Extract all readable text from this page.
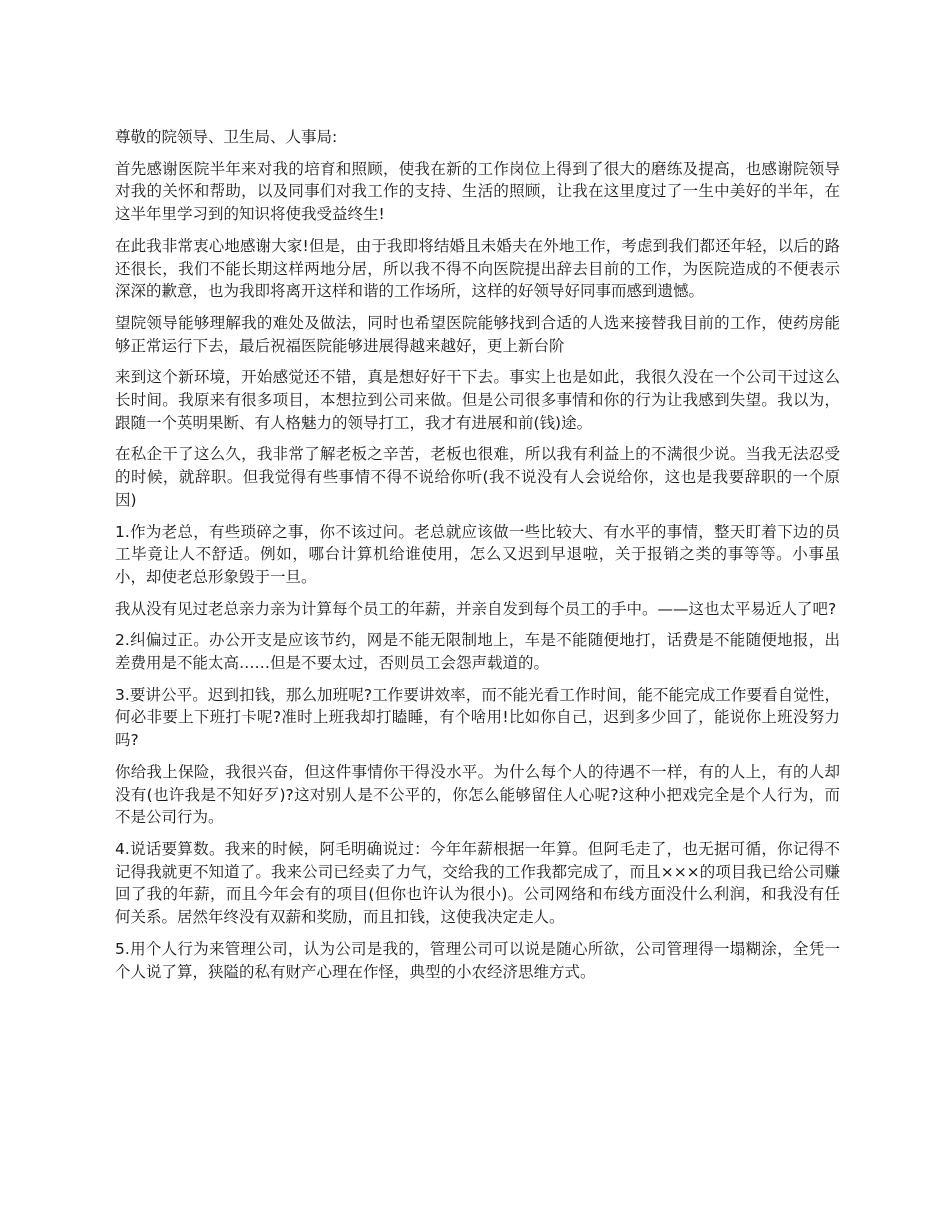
尊敬的院领导、卫生局、人事局:

首先感谢医院半年来对我的培育和照顾，使我在新的工作岗位上得到了很大的磨练及提高，也感谢院领导对我的关怀和帮助，以及同事们对我工作的支持、生活的照顾，让我在这里度过了一生中美好的半年，在这半年里学习到的知识将使我受益终生!

在此我非常衷心地感谢大家!但是，由于我即将结婚且未婚夫在外地工作，考虑到我们都还年轻，以后的路还很长，我们不能长期这样两地分居，所以我不得不向医院提出辞去目前的工作，为医院造成的不便表示深深的歉意，也为我即将离开这样和谐的工作场所，这样的好领导好同事而感到遗憾。

望院领导能够理解我的难处及做法，同时也希望医院能够找到合适的人选来接替我目前的工作，使药房能够正常运行下去，最后祝福医院能够进展得越来越好，更上新台阶

来到这个新环境，开始感觉还不错，真是想好好干下去。事实上也是如此，我很久没在一个公司干过这么长时间。我原来有很多项目，本想拉到公司来做。但是公司很多事情和你的行为让我感到失望。我以为，跟随一个英明果断、有人格魅力的领导打工，我才有进展和前(钱)途。

在私企干了这么久，我非常了解老板之辛苦，老板也很难，所以我有利益上的不满很少说。当我无法忍受的时候，就辞职。但我觉得有些事情不得不说给你听(我不说没有人会说给你，这也是我要辞职的一个原因)

1.作为老总，有些琐碎之事，你不该过问。老总就应该做一些比较大、有水平的事情，整天盯着下边的员工毕竟让人不舒适。例如，哪台计算机给谁使用，怎么又迟到早退啦，关于报销之类的事等等。小事虽小，却使老总形象毁于一旦。

我从没有见过老总亲力亲为计算每个员工的年薪，并亲自发到每个员工的手中。——这也太平易近人了吧?

2.纠偏过正。办公开支是应该节约，网是不能无限制地上，车是不能随便地打，话费是不能随便地报，出差费用是不能太高……但是不要太过，否则员工会怨声载道的。

3.要讲公平。迟到扣钱，那么加班呢?工作要讲效率，而不能光看工作时间，能不能完成工作要看自觉性，何必非要上下班打卡呢?准时上班我却打瞌睡，有个啥用!比如你自己，迟到多少回了，能说你上班没努力吗?

你给我上保险，我很兴奋，但这件事情你干得没水平。为什么每个人的待遇不一样，有的人上，有的人却没有(也许我是不知好歹)?这对别人是不公平的，你怎么能够留住人心呢?这种小把戏完全是个人行为，而不是公司行为。

4.说话要算数。我来的时候，阿毛明确说过：今年年薪根据一年算。但阿毛走了，也无据可循，你记得不记得我就更不知道了。我来公司已经卖了力气，交给我的工作我都完成了，而且×××的项目我已给公司赚回了我的年薪，而且今年会有的项目(但你也许认为很小)。公司网络和布线方面没什么利润，和我没有任何关系。居然年终没有双薪和奖励，而且扣钱，这使我决定走人。

5.用个人行为来管理公司，认为公司是我的，管理公司可以说是随心所欲，公司管理得一塌糊涂，全凭一个人说了算，狭隘的私有财产心理在作怪，典型的小农经济思维方式。
